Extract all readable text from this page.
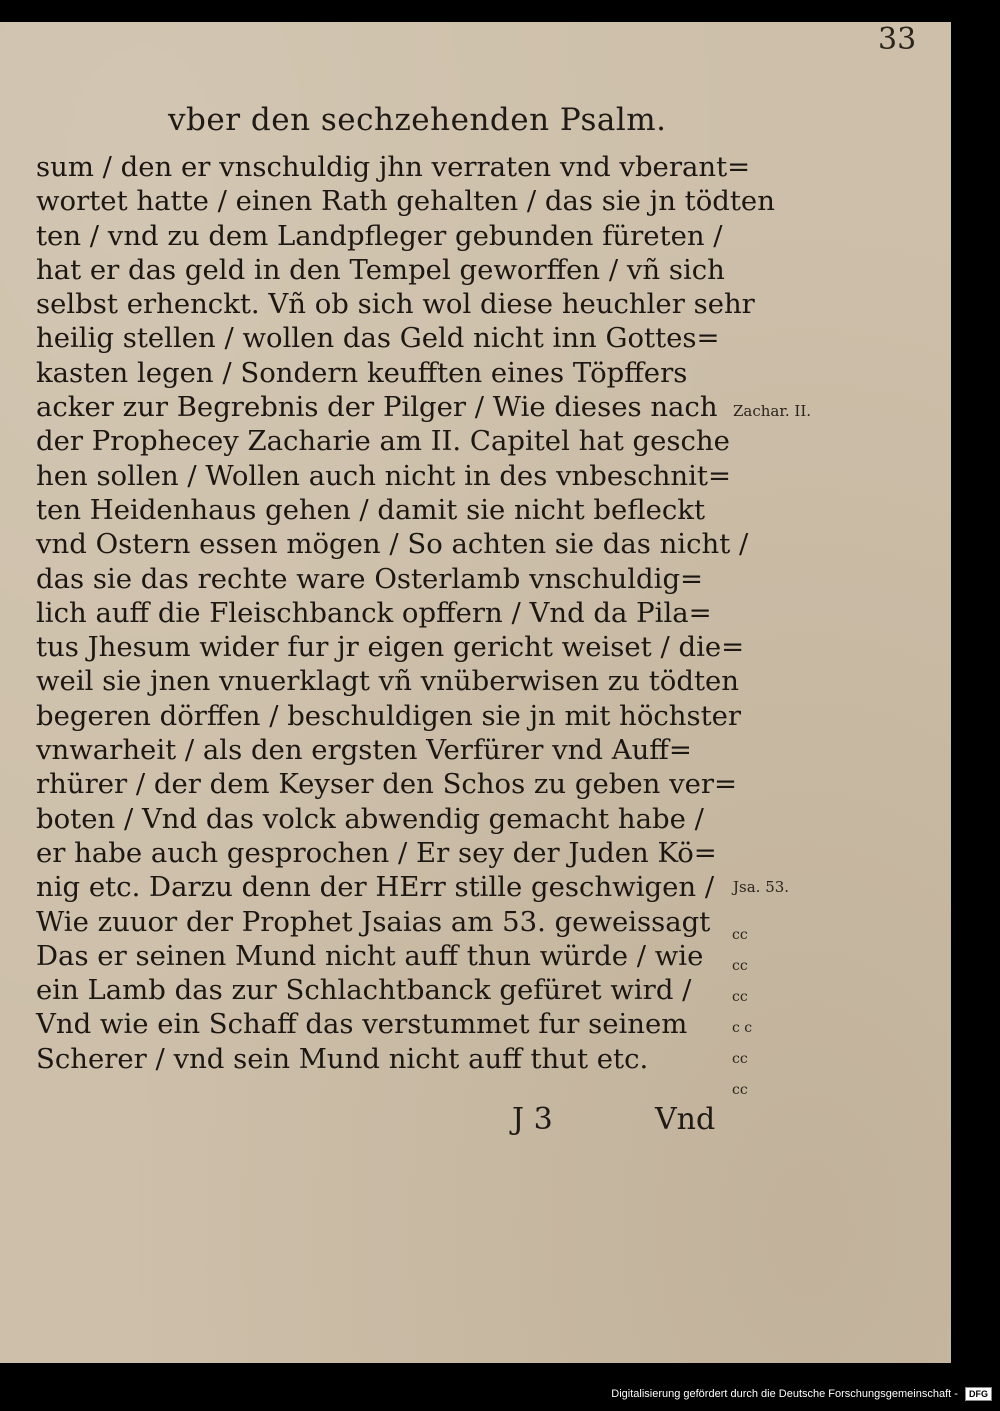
33
vber den sechzehenden Psalm.
sum / den er vnschuldig jhn verraten vnd vberant=
wortet hatte / einen Rath gehalten / das sie jn tödten
ten / vnd zu dem Landpfleger gebunden füreten /
hat er das geld in den Tempel geworffen / vñ sich
selbst erhenckt. Vñ ob sich wol diese heuchler sehr
heilig stellen / wollen das Geld nicht inn Gottes=
kasten legen / Sondern keufften eines Töpffers
acker zur Begrebnis der Pilger / Wie dieses nach
der Prophecey Zacharie am II. Capitel hat gesche
hen sollen / Wollen auch nicht in des vnbeschnit=
ten Heidenhaus gehen / damit sie nicht befleckt
vnd Ostern essen mögen / So achten sie das nicht /
das sie das rechte ware Osterlamb vnschuldig=
lich auff die Fleischbanck opffern / Vnd da Pila=
tus Jhesum wider fur jr eigen gericht weiset / die=
weil sie jnen vnuerklagt vñ vnüberwisen zu tödten
begeren dörffen / beschuldigen sie jn mit höchster
vnwarheit / als den ergsten Verfürer vnd Auff=
rhürer / der dem Keyser den Schos zu geben ver=
boten / Vnd das volck abwendig gemacht habe /
er habe auch gesprochen / Er sey der Juden Kö=
nig etc. Darzu denn der HErr stille geschwigen /
Wie zuuor der Prophet Jsaias am 53. geweissagt
Das er seinen Mund nicht auff thun würde / wie
ein Lamb das zur Schlachtbanck gefüret wird /
Vnd wie ein Schaff das verstummet fur seinem
Scherer / vnd sein Mund nicht auff thut etc.
Zachar. II.
Jsa. 53.
cc
cc
cc
c c
cc
cc
J 3	Vnd
Digitalisierung gefördert durch die Deutsche Forschungsgemeinschaft - DFG
